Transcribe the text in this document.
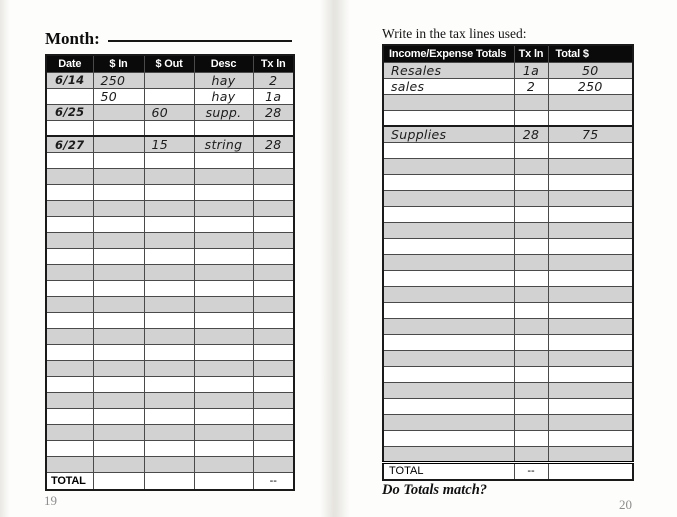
Month:
Date	$ In	$ Out	Desc	Tx ln
6/14	250		hay	2
	50		hay	1a
6/25		60	supp.	28

6/27		15	string	28

TOTAL				--
19
Write in the tax lines used:
Income/Expense Totals	Tx ln	Total $
Resales	1a	50
sales	2	250

Supplies	28	75

TOTAL	--	
Do Totals match?
20
